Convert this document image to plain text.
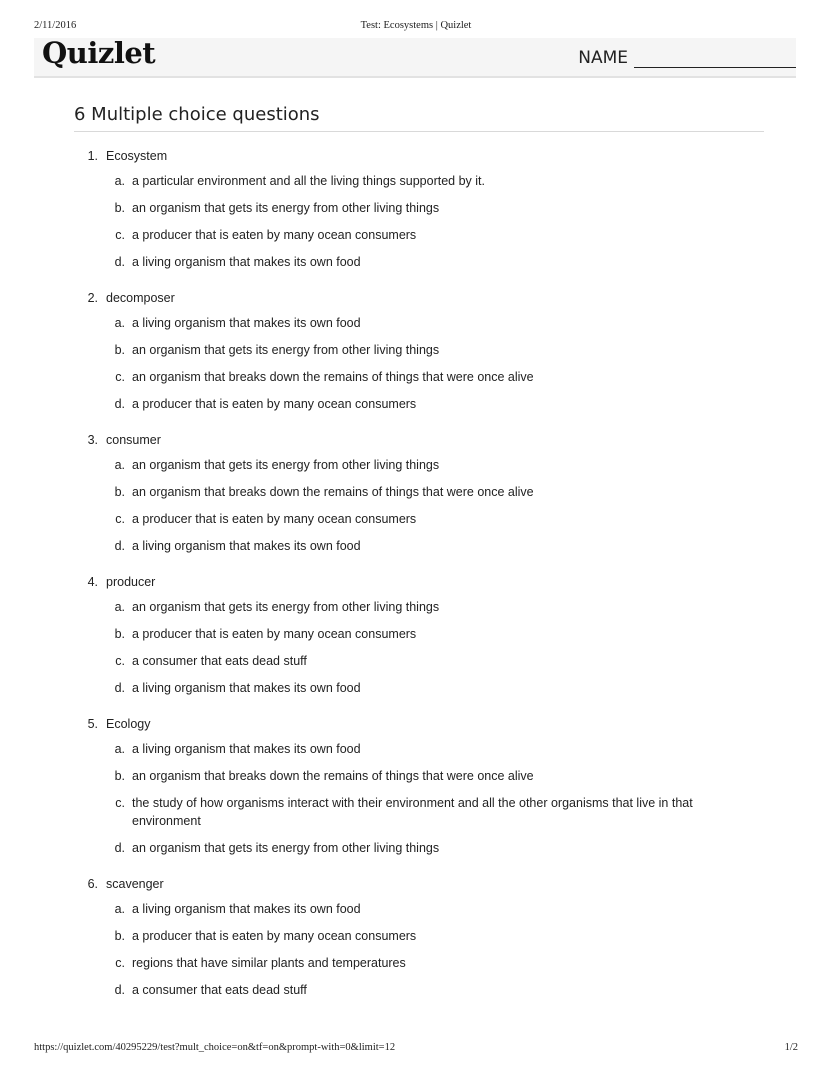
2/11/2016	Test: Ecosystems | Quizlet
Quizlet	NAME
6 Multiple choice questions
1. Ecosystem
a. a particular environment and all the living things supported by it.
b. an organism that gets its energy from other living things
c. a producer that is eaten by many ocean consumers
d. a living organism that makes its own food
2. decomposer
a. a living organism that makes its own food
b. an organism that gets its energy from other living things
c. an organism that breaks down the remains of things that were once alive
d. a producer that is eaten by many ocean consumers
3. consumer
a. an organism that gets its energy from other living things
b. an organism that breaks down the remains of things that were once alive
c. a producer that is eaten by many ocean consumers
d. a living organism that makes its own food
4. producer
a. an organism that gets its energy from other living things
b. a producer that is eaten by many ocean consumers
c. a consumer that eats dead stuff
d. a living organism that makes its own food
5. Ecology
a. a living organism that makes its own food
b. an organism that breaks down the remains of things that were once alive
c. the study of how organisms interact with their environment and all the other organisms that live in that environment
d. an organism that gets its energy from other living things
6. scavenger
a. a living organism that makes its own food
b. a producer that is eaten by many ocean consumers
c. regions that have similar plants and temperatures
d. a consumer that eats dead stuff
https://quizlet.com/40295229/test?mult_choice=on&tf=on&prompt-with=0&limit=12	1/2
